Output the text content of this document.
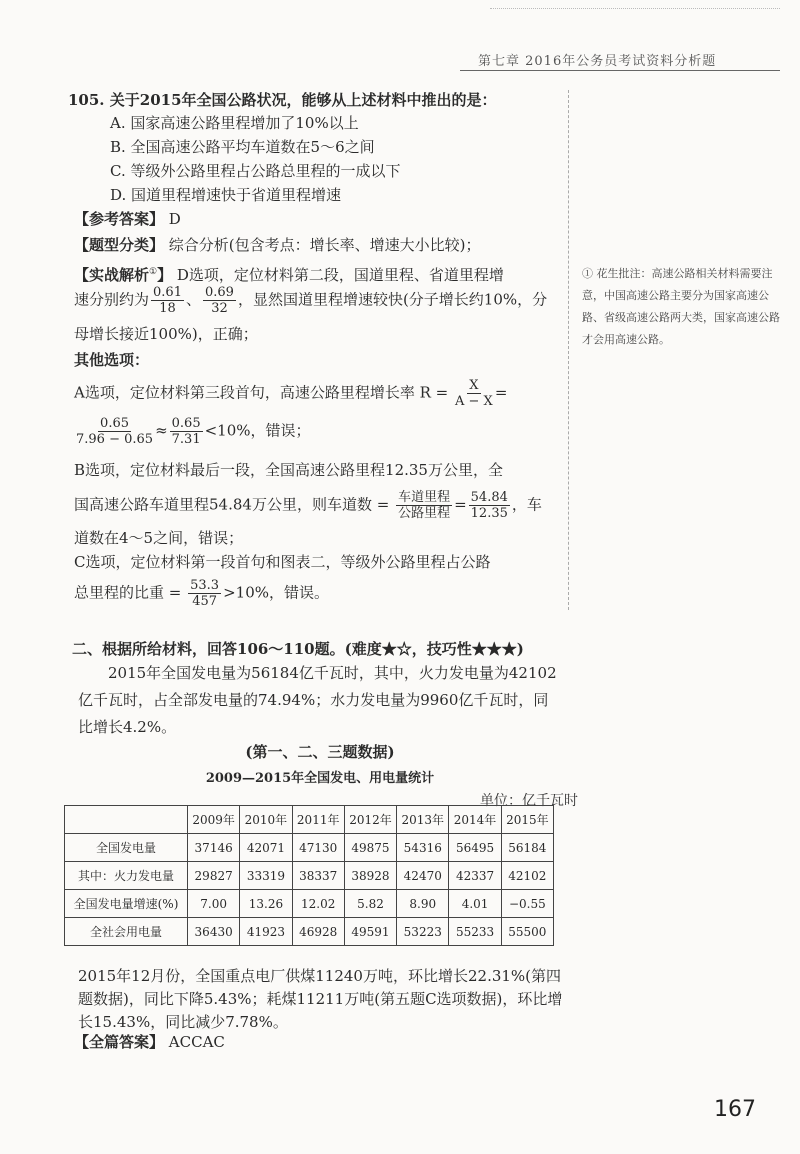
第七章 2016年公务员考试资料分析题
① 花生批注：高速公路相关材料需要注意，中国高速公路主要分为国家高速公路、省级高速公路两大类，国家高速公路才会用高速公路。
105. 关于2015年全国公路状况，能够从上述材料中推出的是：
A. 国家高速公路里程增加了10%以上
B. 全国高速公路平均车道数在5～6之间
C. 等级外公路里程占公路总里程的一成以下
D. 国道里程增速快于省道里程增速
【参考答案】 D
【题型分类】 综合分析(包含考点：增长率、增速大小比较)；
【实战解析①】 D选项，定位材料第二段，国道里程、省道里程增
速分别约为 $\frac{0.61}{18}$ 、 $\frac{0.69}{32}$ ，显然国道里程增速较快(分子增长约10%，分
母增长接近100%)，正确；
其他选项：
A选项，定位材料第三段首句，高速公路里程增长率 $R = \frac{X}{A - X}$ =
$\frac{0.65}{7.96 - 0.65} \approx \frac{0.65}{7.31} <10\%$，错误；
B选项，定位材料最后一段，全国高速公路里程12.35万公里，全
国高速公路车道里程54.84万公里，则车道数 = $\frac{\text{车道里程}}{\text{公路里程}} = \frac{54.84}{12.35}$ ，车
道数在4～5之间，错误；
C选项，定位材料第一段首句和图表二，等级外公路里程占公路
总里程的比重 = $\frac{53.3}{457} >10\%$，错误。
二、根据所给材料，回答106～110题。(难度★☆，技巧性★★★)
2015年全国发电量为56184亿千瓦时，其中，火力发电量为42102亿千瓦时，占全部发电量的74.94%；水力发电量为9960亿千瓦时，同比增长4.2%。
(第一、二、三题数据)
2009—2015年全国发电、用电量统计
单位：亿千瓦时
	2009年	2010年	2011年	2012年	2013年	2014年	2015年
全国发电量	37146	42071	47130	49875	54316	56495	56184
其中：火力发电量	29827	33319	38337	38928	42470	42337	42102
全国发电量增速(%)	7.00	13.26	12.02	5.82	8.90	4.01	−0.55
全社会用电量	36430	41923	46928	49591	53223	55233	55500
2015年12月份，全国重点电厂供煤11240万吨，环比增长22.31%(第四题数据)，同比下降5.43%；耗煤11211万吨(第五题C选项数据)，环比增长15.43%，同比减少7.78%。
【全篇答案】 ACCAC
167
